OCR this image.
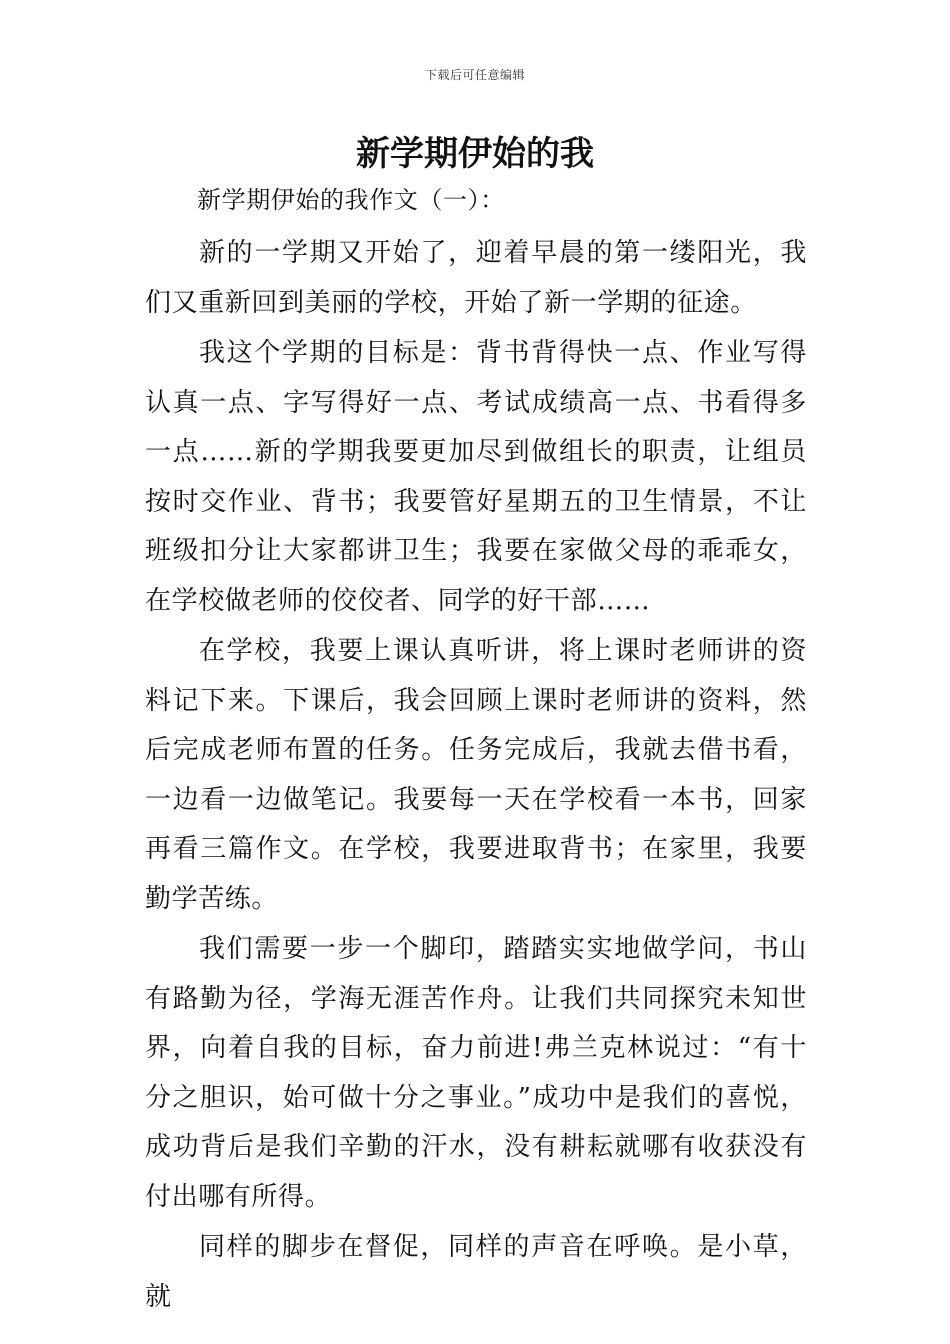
下载后可任意编辑
新学期伊始的我

新学期伊始的我作文（一）：

新的一学期又开始了，迎着早晨的第一缕阳光，我们又重新回到美丽的学校，开始了新一学期的征途。

我这个学期的目标是：背书背得快一点、作业写得认真一点、字写得好一点、考试成绩高一点、书看得多一点……新的学期我要更加尽到做组长的职责，让组员按时交作业、背书；我要管好星期五的卫生情景，不让班级扣分让大家都讲卫生；我要在家做父母的乖乖女，在学校做老师的佼佼者、同学的好干部……

在学校，我要上课认真听讲，将上课时老师讲的资料记下来。下课后，我会回顾上课时老师讲的资料，然后完成老师布置的任务。任务完成后，我就去借书看，一边看一边做笔记。我要每一天在学校看一本书，回家再看三篇作文。在学校，我要进取背书；在家里，我要勤学苦练。

我们需要一步一个脚印，踏踏实实地做学问，书山有路勤为径，学海无涯苦作舟。让我们共同探究未知世界，向着自我的目标，奋力前进!弗兰克林说过：“有十分之胆识，始可做十分之事业。”成功中是我们的喜悦，成功背后是我们辛勤的汗水，没有耕耘就哪有收获没有付出哪有所得。

同样的脚步在督促，同样的声音在呼唤。是小草，就
